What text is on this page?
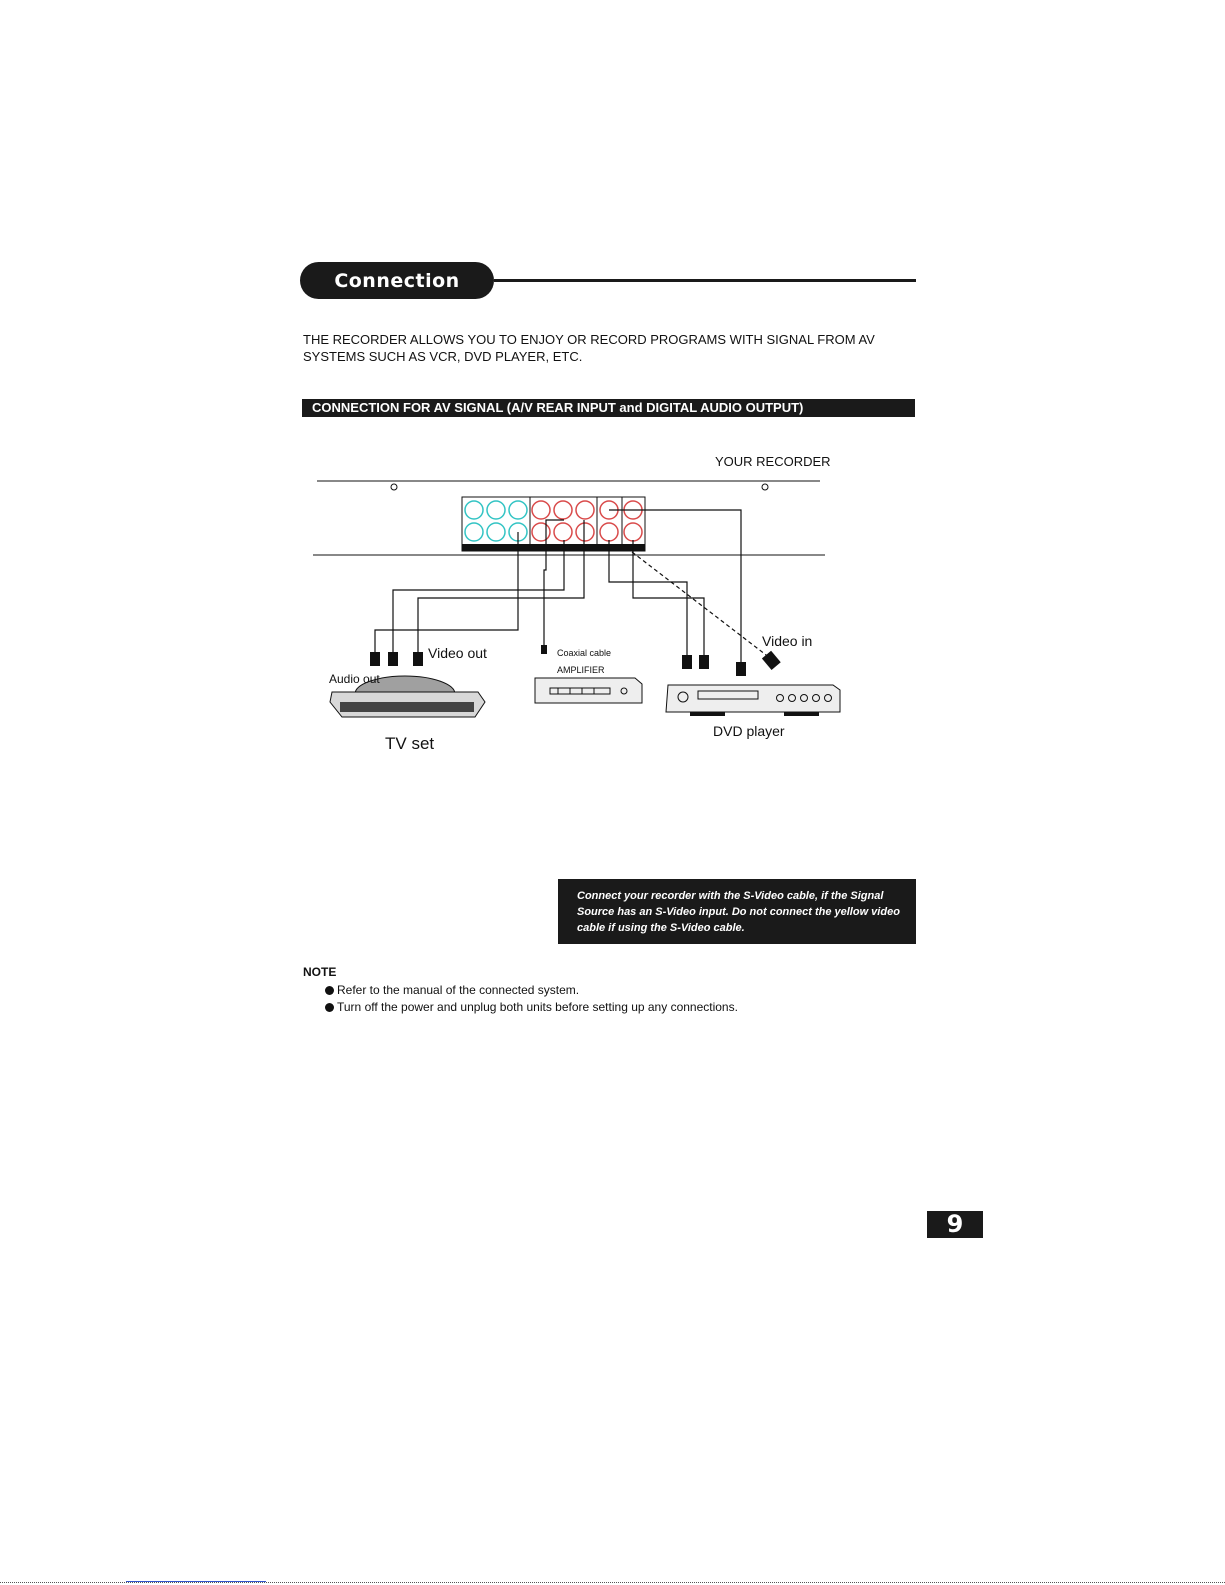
Connection
THE RECORDER ALLOWS YOU TO ENJOY OR RECORD PROGRAMS WITH SIGNAL FROM AV SYSTEMS SUCH AS VCR, DVD PLAYER, ETC.
CONNECTION FOR AV SIGNAL (A/V REAR INPUT and DIGITAL AUDIO OUTPUT)
YOUR RECORDER
Video out
Audio out
TV set
Coaxial cable
AMPLIFIER
Video in
DVD player
Connect your recorder with the S-Video cable, if the Signal Source has an S-Video input. Do not connect the yellow video cable if using the S-Video cable.
NOTE
Refer to the manual of the connected system.
Turn off the power and unplug both units before setting up any connections.
9
